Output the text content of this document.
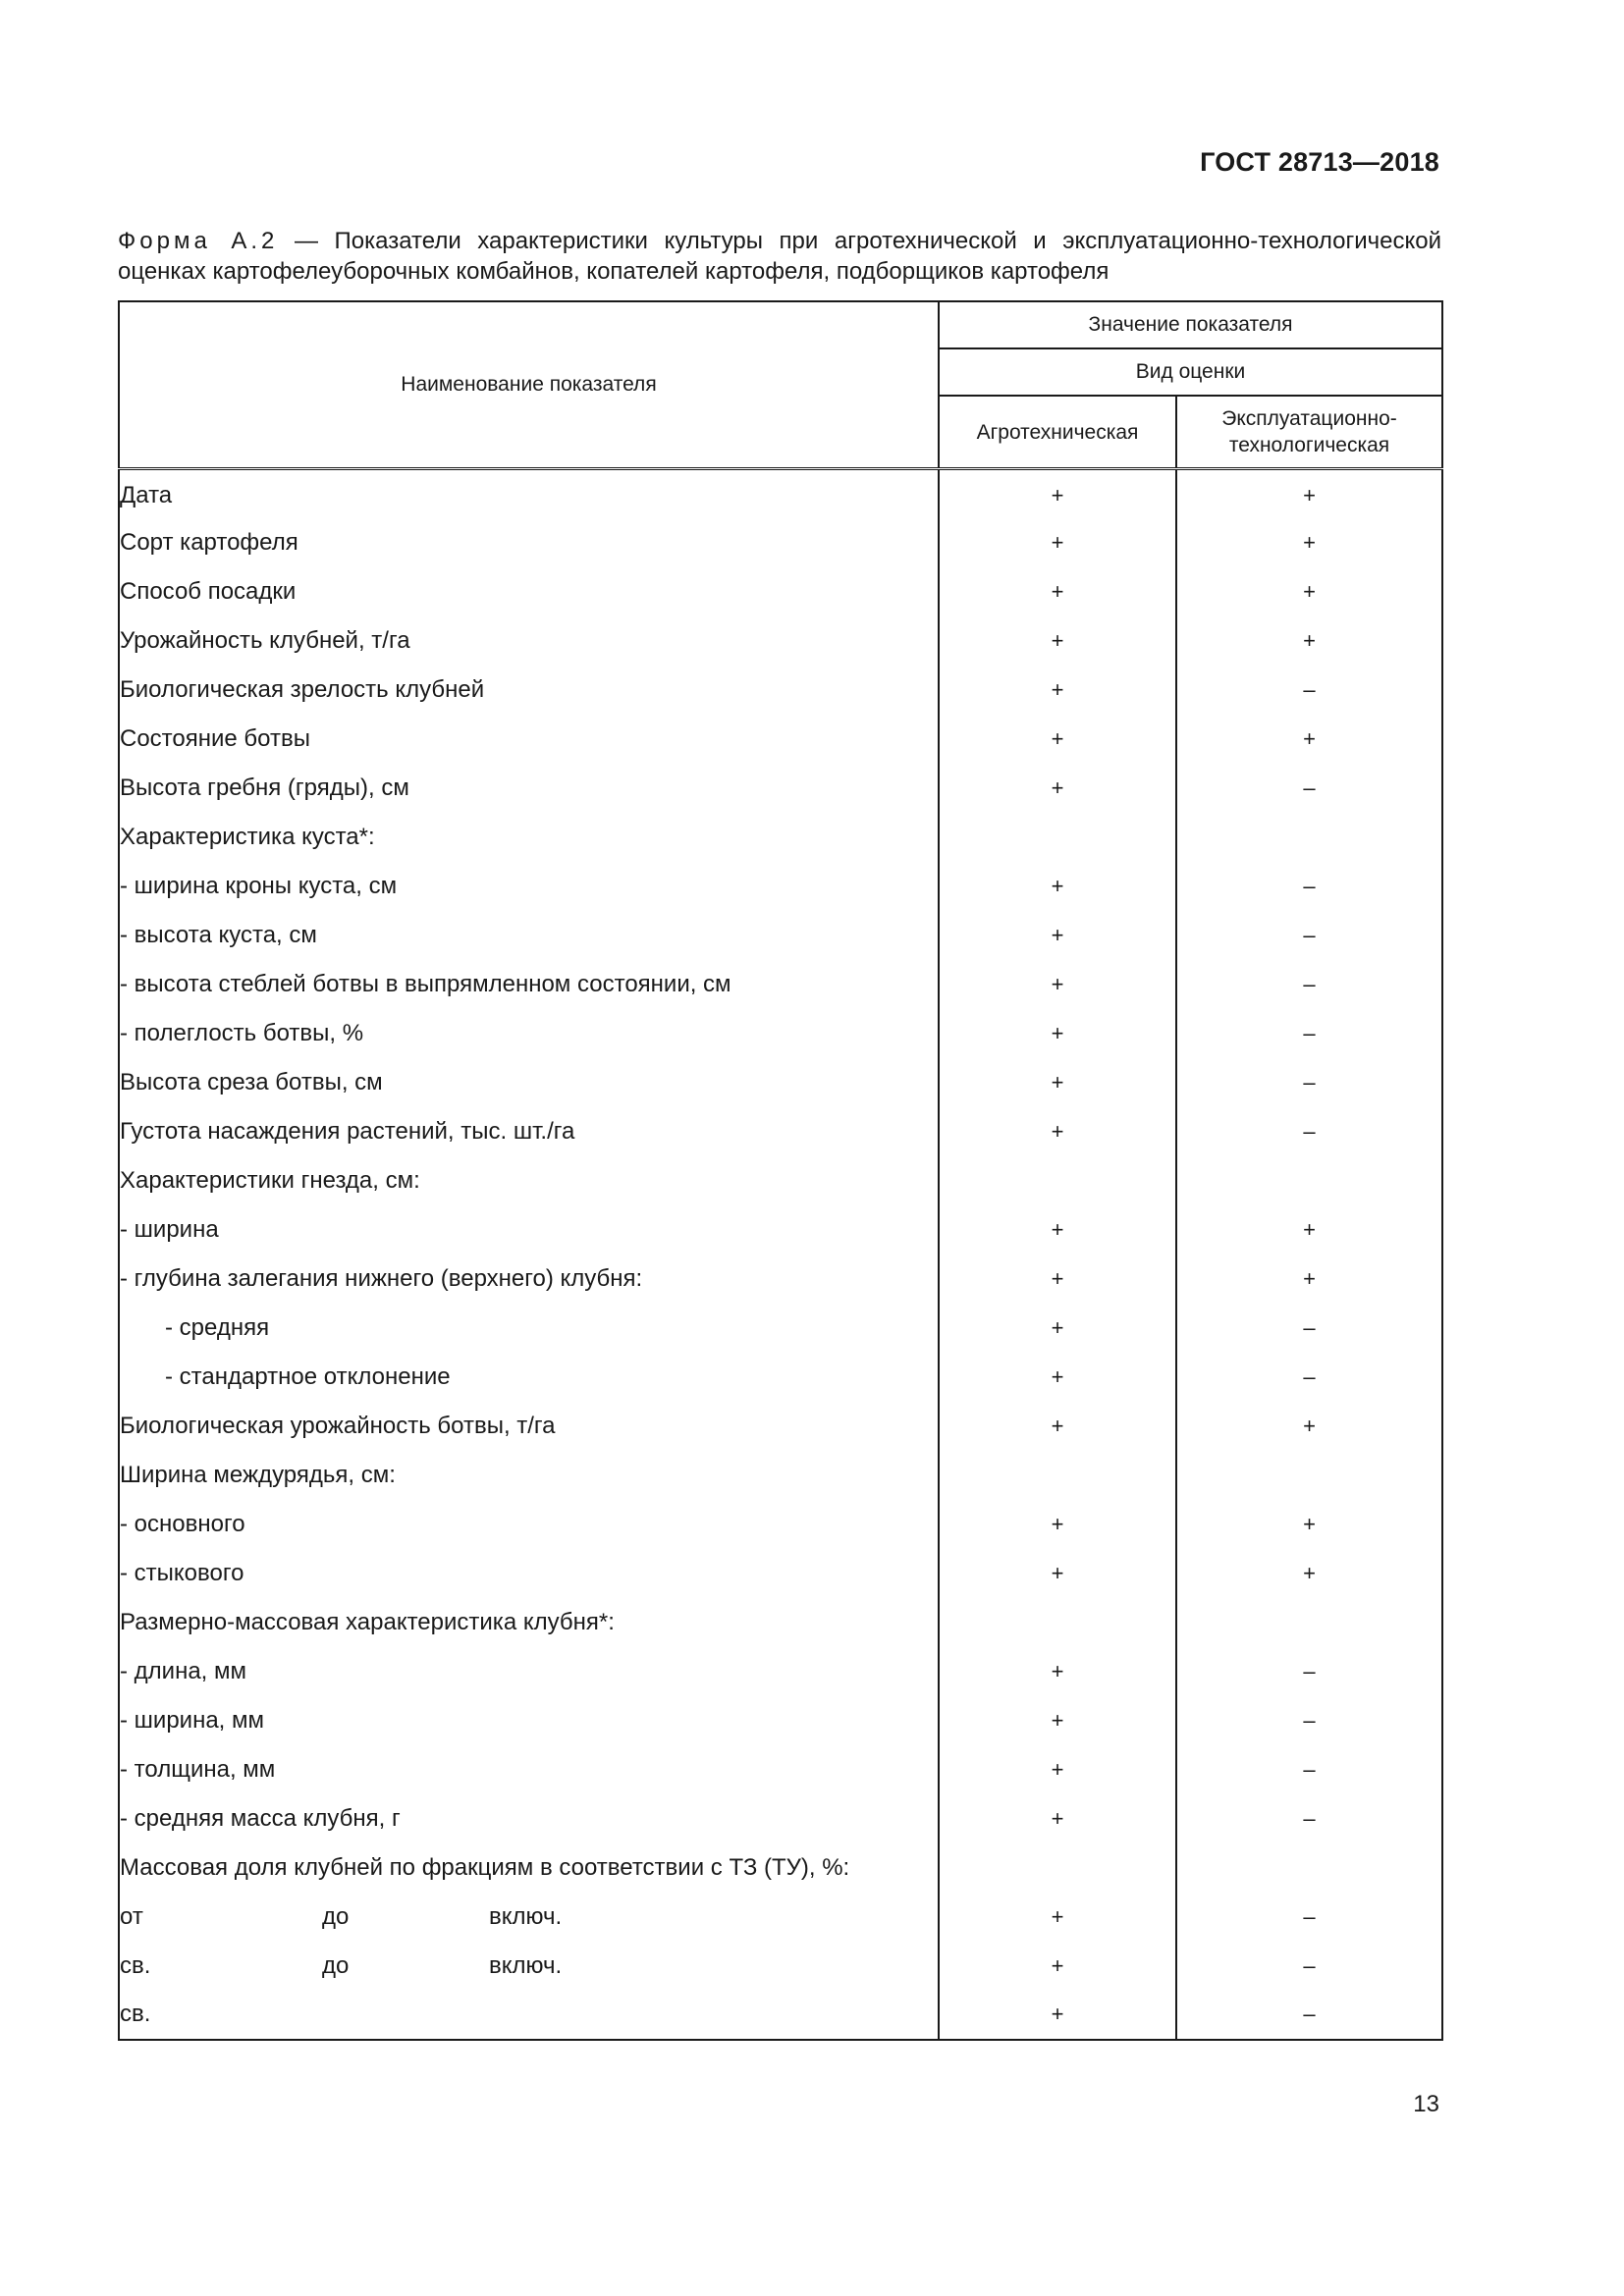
ГОСТ 28713—2018
Форма А.2 — Показатели характеристики культуры при агротехнической и эксплуатационно-технологической оценках картофелеуборочных комбайнов, копателей картофеля, подборщиков картофеля
Наименование показателя	Значение показателя	
	Вид оценки	
	Агротехническая	Эксплуатационно-
технологическая
Дата	+	+
Сорт картофеля	+	+
Способ посадки	+	+
Урожайность клубней, т/га	+	+
Биологическая зрелость клубней	+	–
Состояние ботвы	+	+
Высота гребня (гряды), см	+	–
Характеристика куста*:		
- ширина кроны куста, см	+	–
- высота куста, см	+	–
- высота стеблей ботвы в выпрямленном состоянии, см	+	–
- полеглость ботвы, %	+	–
Высота среза ботвы, см	+	–
Густота насаждения растений, тыс. шт./га	+	–
Характеристики гнезда, см:		
- ширина	+	+
- глубина залегания нижнего (верхнего) клубня:	+	+
- средняя	+	–
- стандартное отклонение	+	–
Биологическая урожайность ботвы, т/га	+	+
Ширина междурядья, см:		
- основного	+	+
- стыкового	+	+
Размерно-массовая характеристика клубня*:		
- длина, мм	+	–
- ширина, мм	+	–
- толщина, мм	+	–
- средняя масса клубня, г	+	–
Массовая доля клубней по фракциям в соответствии с ТЗ (ТУ), %:		
от до включ.	+	–
св. до включ.	+	–
св.	+	–
13
